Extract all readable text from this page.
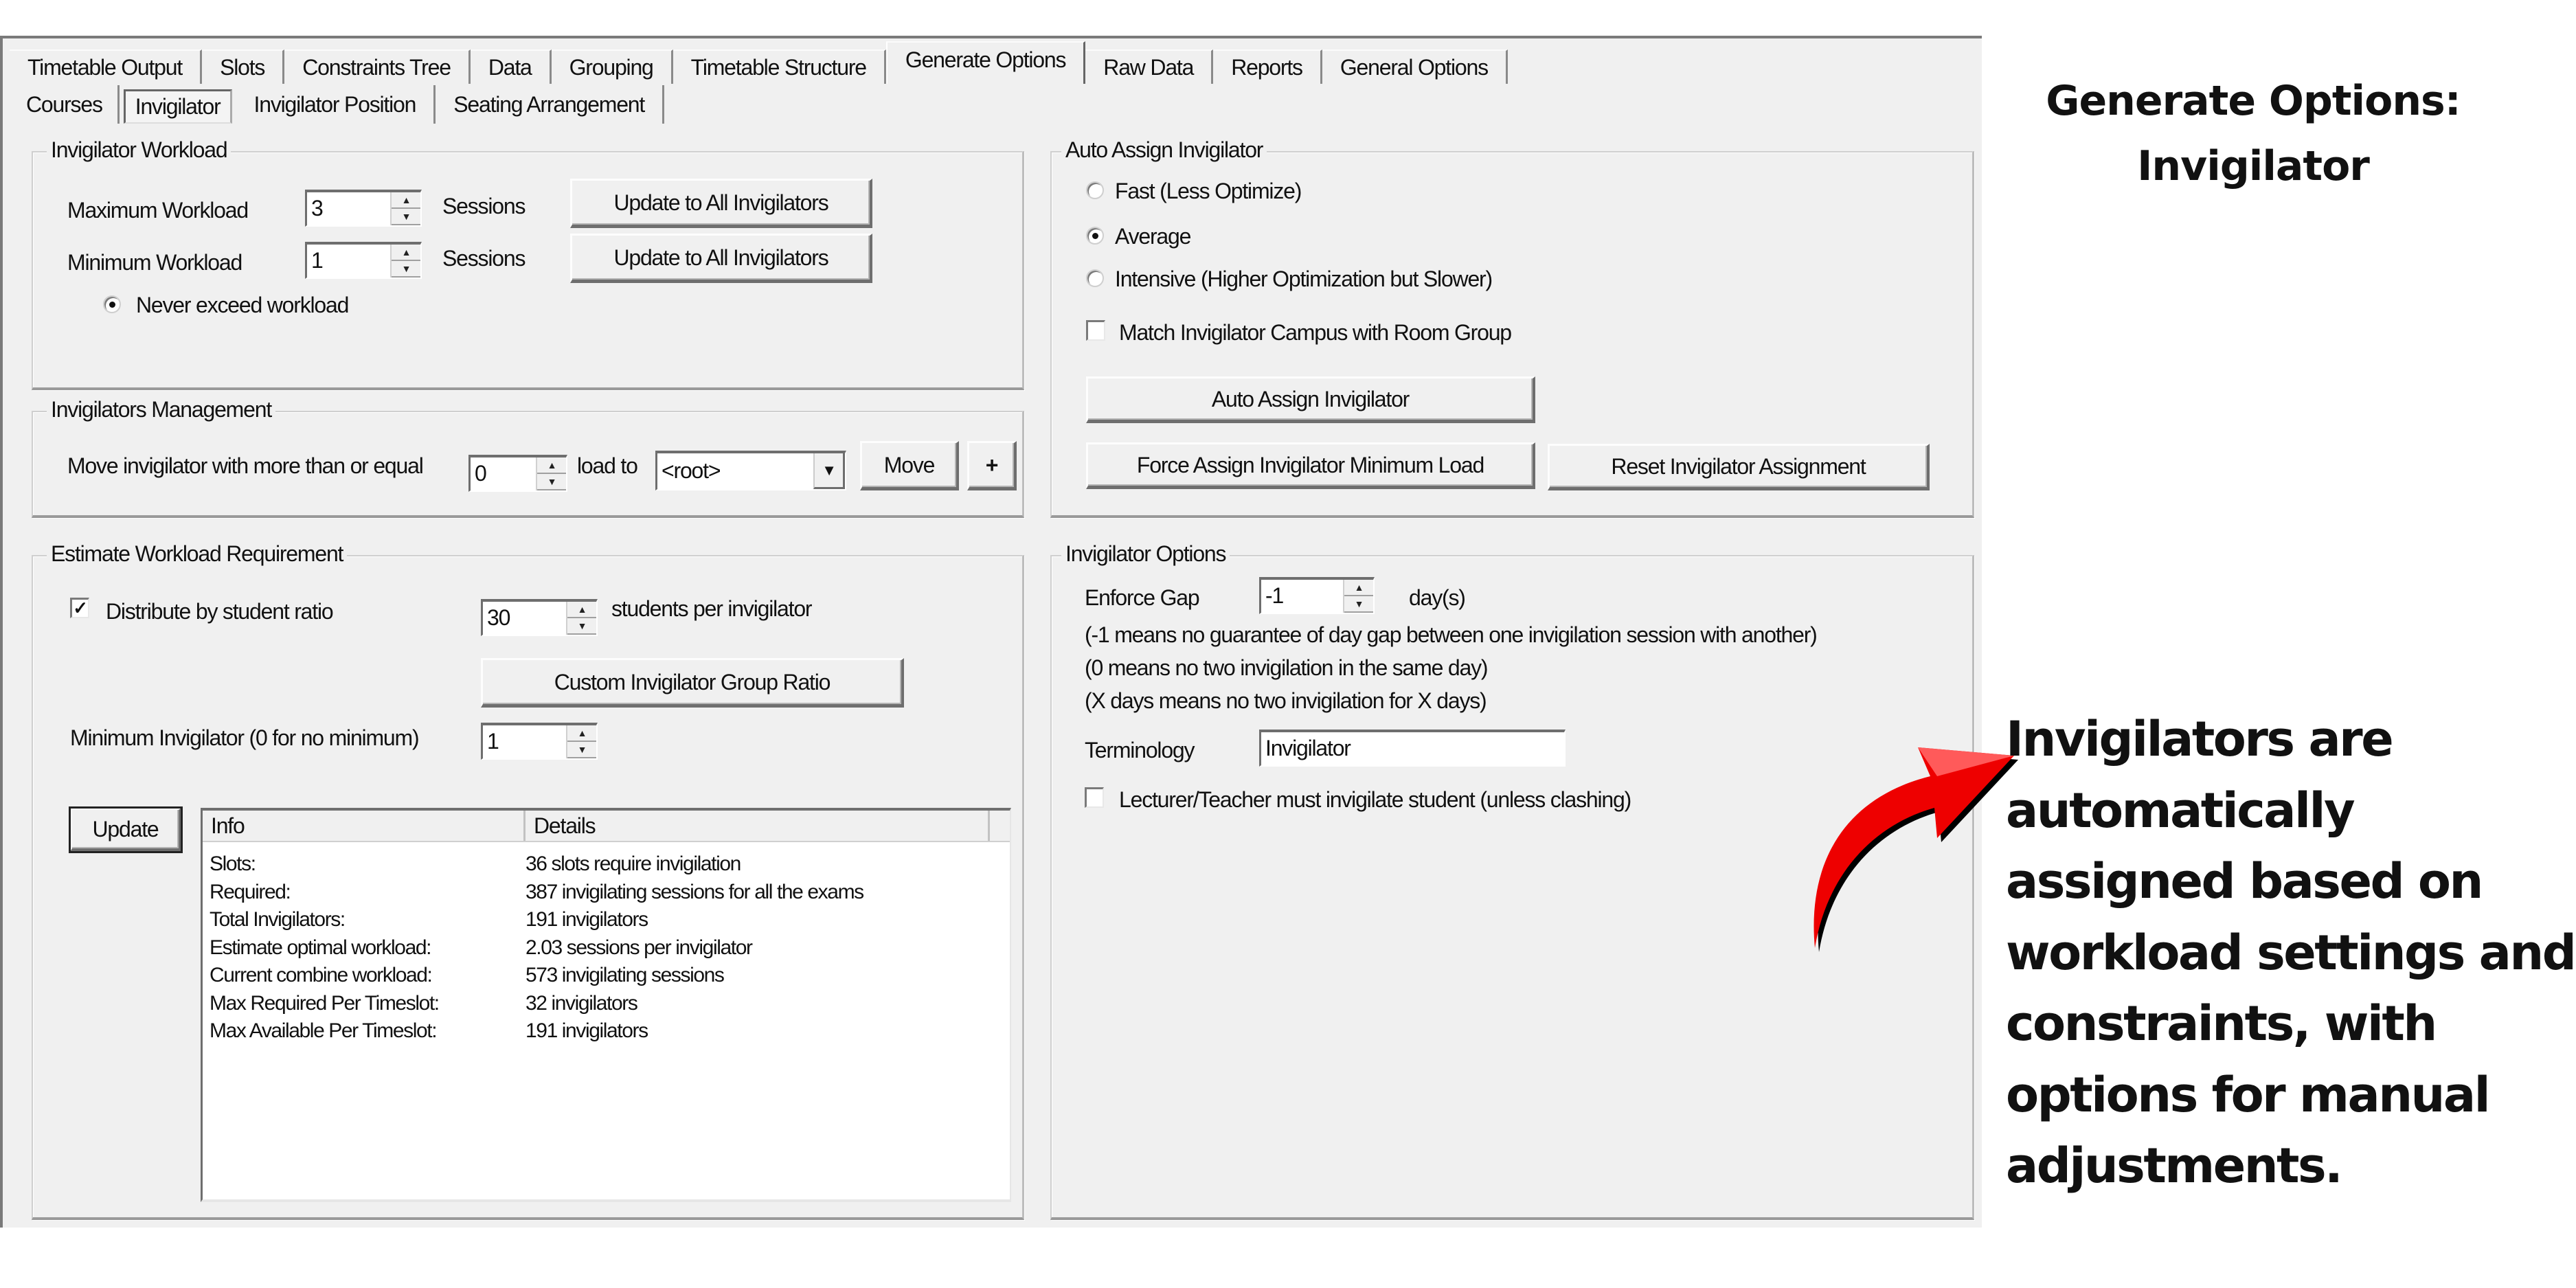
Timetable Output	Slots	Constraints Tree	Data	Grouping	Timetable Structure	Generate Options	Raw Data	Reports	General Options
Courses	Invigilator	Invigilator Position	Seating Arrangement
Invigilator Workload
Maximum Workload	3	▲
▼	Sessions	Update to All Invigilators
Minimum Workload	1	▲
▼	Sessions	Update to All Invigilators
Never exceed workload
Invigilators Management
Move invigilator with more than or equal 0	▲
▼
load to <root>	▼	Move	+
Estimate Workload Requirement
✓ Distribute by student ratio	30	▲
▼
students per invigilator
Custom Invigilator Group Ratio
Minimum Invigilator (0 for no minimum)	1	▲
▼
Update	Info	Details
Slots:	36 slots require invigilation
Required:	387 invigilating sessions for all the exams
Total Invigilators:	191 invigilators
Estimate optimal workload:	2.03 sessions per invigilator
Current combine workload:	573 invigilating sessions
Max Required Per Timeslot:	32 invigilators
Max Available Per Timeslot:	191 invigilators
Auto Assign Invigilator
Fast (Less Optimize)
Average
Intensive (Higher Optimization but Slower)
Match Invigilator Campus with Room Group
Auto Assign Invigilator
Force Assign Invigilator Minimum Load	Reset Invigilator Assignment
Invigilator Options
Enforce Gap	-1	▲
▼	day(s)
(-1 means no guarantee of day gap between one invigilation session with another)
(0 means no two invigilation in the same day)
(X days means no two invigilation for X days)
Terminology	Invigilator
Lecturer/Teacher must invigilate student (unless clashing)
Generate Options:
Invigilator
Invigilators are automatically assigned based on workload settings and constraints, with options for manual adjustments.
